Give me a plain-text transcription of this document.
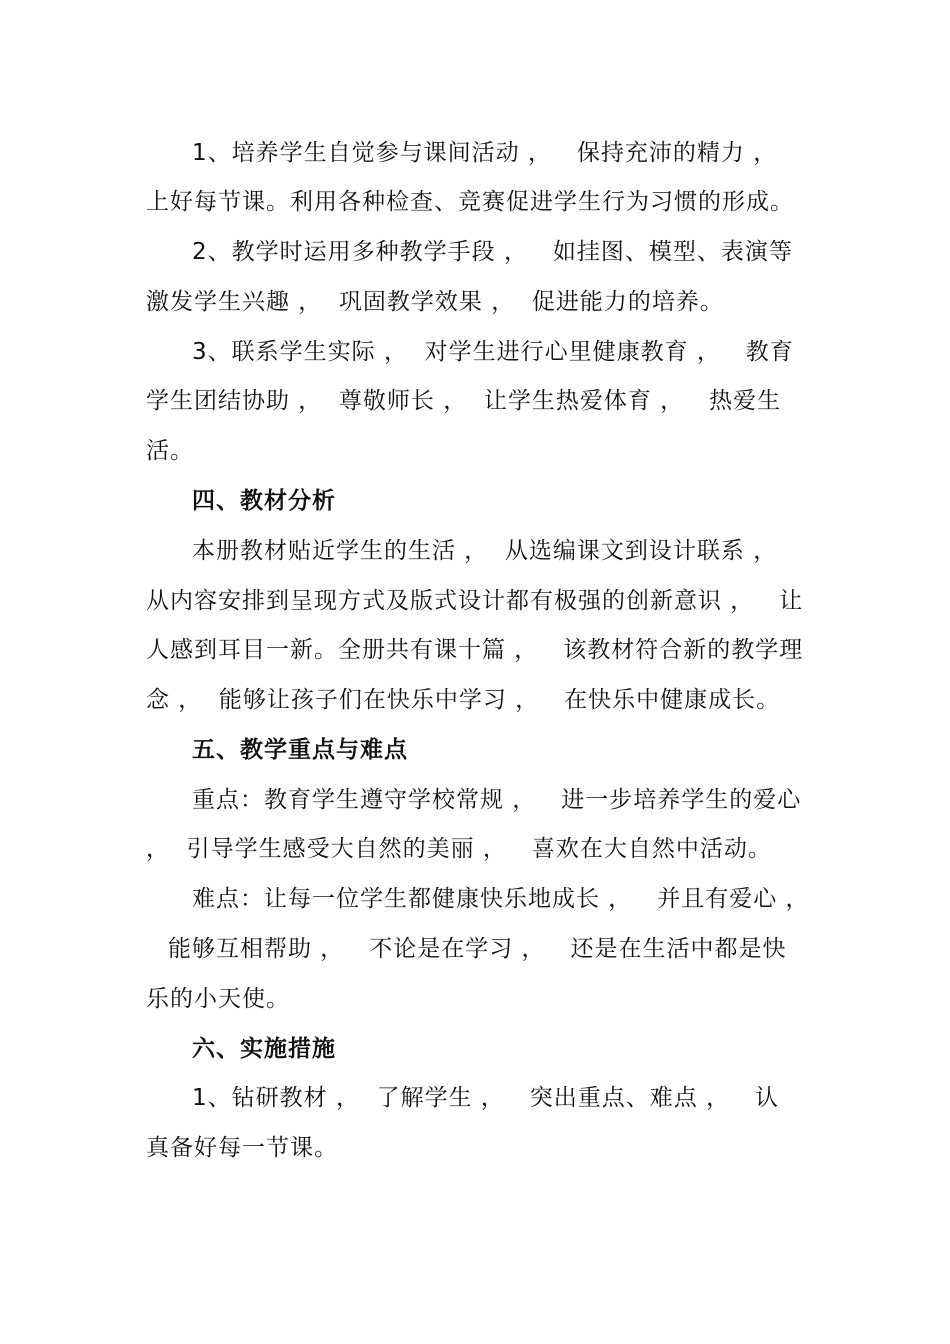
1、培养学生自觉参与课间活动 ，   保持充沛的精力 ，
上好每节课。利用各种检查、竞赛促进学生行为习惯的形成。
2、教学时运用多种教学手段 ，   如挂图、模型、表演等
激发学生兴趣 ，  巩固教学效果 ，  促进能力的培养。
3、联系学生实际 ，  对学生进行心里健康教育 ，   教育
学生团结协助 ，  尊敬师长 ，  让学生热爱体育 ，   热爱生
活。
四、教材分析
本册教材贴近学生的生活 ，  从选编课文到设计联系 ，
从内容安排到呈现方式及版式设计都有极强的创新意识 ，   让
人感到耳目一新。全册共有课十篇 ，   该教材符合新的教学理
念 ，  能够让孩子们在快乐中学习 ，   在快乐中健康成长。
五、教学重点与难点
重点：教育学生遵守学校常规 ，   进一步培养学生的爱心
，  引导学生感受大自然的美丽 ，   喜欢在大自然中活动。
难点：让每一位学生都健康快乐地成长 ，   并且有爱心 ，
能够互相帮助 ，   不论是在学习 ，   还是在生活中都是快
乐的小天使。
六、实施措施
1、钻研教材 ，  了解学生 ，   突出重点、难点 ，   认
真备好每一节课。
